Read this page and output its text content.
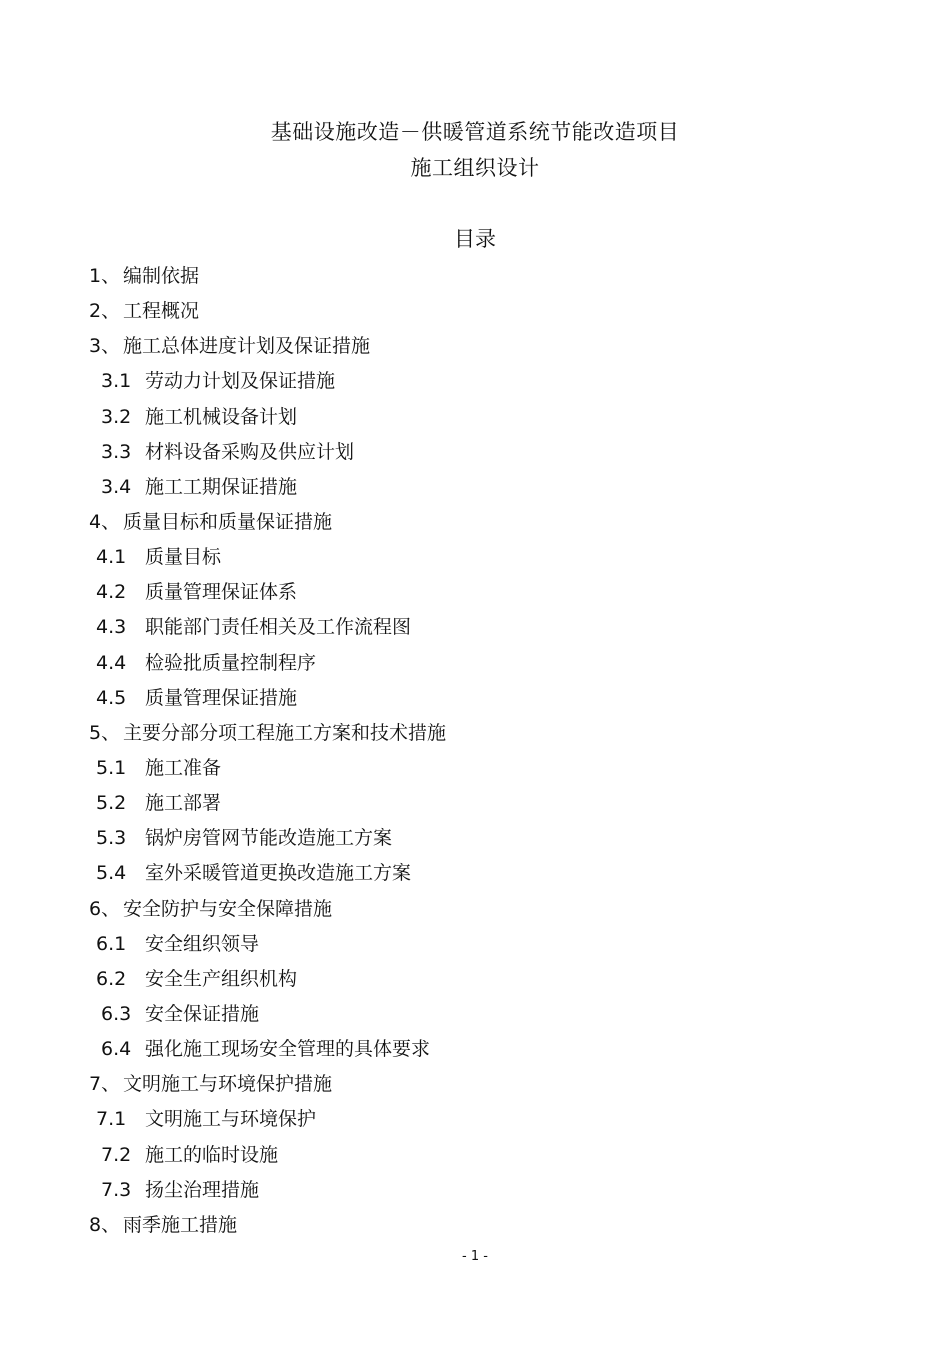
基础设施改造－供暖管道系统节能改造项目
施工组织设计
目录
1、 编制依据
2、 工程概况
3、 施工总体进度计划及保证措施
3.1 劳动力计划及保证措施
3.2 施工机械设备计划
3.3 材料设备采购及供应计划
3.4 施工工期保证措施
4、 质量目标和质量保证措施
4.1 质量目标
4.2 质量管理保证体系
4.3 职能部门责任相关及工作流程图
4.4 检验批质量控制程序
4.5 质量管理保证措施
5、 主要分部分项工程施工方案和技术措施
5.1 施工准备
5.2 施工部署
5.3 锅炉房管网节能改造施工方案
5.4 室外采暖管道更换改造施工方案
6、 安全防护与安全保障措施
6.1 安全组织领导
6.2 安全生产组织机构
6.3 安全保证措施
6.4 强化施工现场安全管理的具体要求
7、 文明施工与环境保护措施
7.1 文明施工与环境保护
7.2 施工的临时设施
7.3 扬尘治理措施
8、 雨季施工措施
- 1 -
